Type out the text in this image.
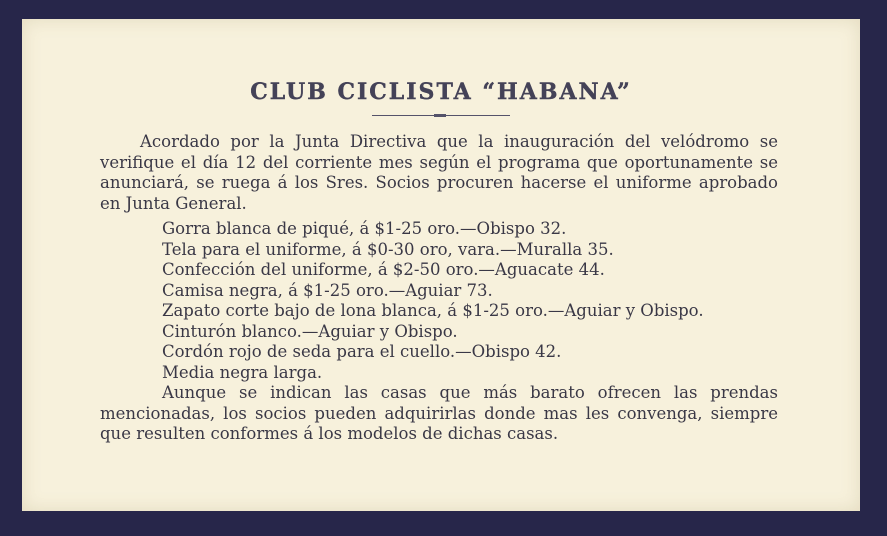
CLUB CICLISTA “HABANA”

Acordado por la Junta Directiva que la inauguración del velódromo se verifique el día 12 del corriente mes según el programa que oportunamente se anunciará, se ruega á los Sres. Socios procuren hacerse el uniforme aprobado en Junta General.

Gorra blanca de piqué, á $1-25 oro.—Obispo 32.
Tela para el uniforme, á $0-30 oro, vara.—Muralla 35.
Confección del uniforme, á $2-50 oro.—Aguacate 44.
Camisa negra, á $1-25 oro.—Aguiar 73.
Zapato corte bajo de lona blanca, á $1-25 oro.—Aguiar y Obispo.
Cinturón blanco.—Aguiar y Obispo.
Cordón rojo de seda para el cuello.—Obispo 42.
Media negra larga.

Aunque se indican las casas que más barato ofrecen las prendas mencionadas, los socios pueden adquirirlas donde mas les convenga, siempre que resulten conformes á los modelos de dichas casas.
